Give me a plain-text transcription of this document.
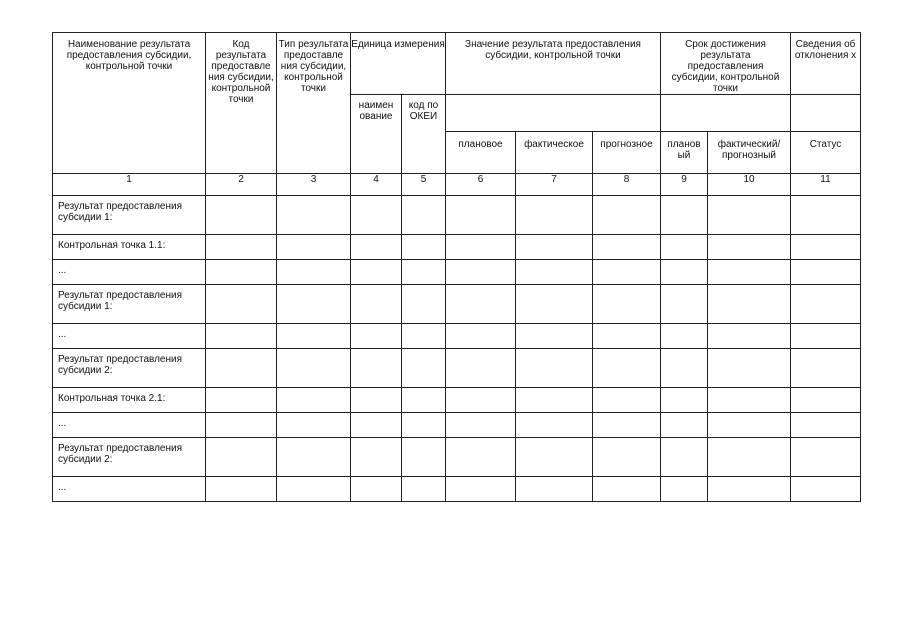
Наименование результата предоставления субсидии, контрольной точки	Код результата предоставле ния субсидии, контрольной точки	Тип результата предоставле ния субсидии, контрольной точки	Единица измерения		Значение результата предоставления субсидии, контрольной точки			Срок достижения результата предоставления субсидии, контрольной точки		Сведения об отклонения х

			наимен ование	код по ОКЕИ						

					плановое	фактическое	прогнозное	планов ый	фактический/ прогнозный	Статус

1	2	3	4	5	6	7	8	9	10	11
Результат предоставления субсидии 1:										
Контрольная точка 1.1:										
...										
Результат предоставления субсидии 1:										
...										
Результат предоставления субсидии 2:										
Контрольная точка 2.1:										
...										
Результат предоставления субсидии 2:										
...										
